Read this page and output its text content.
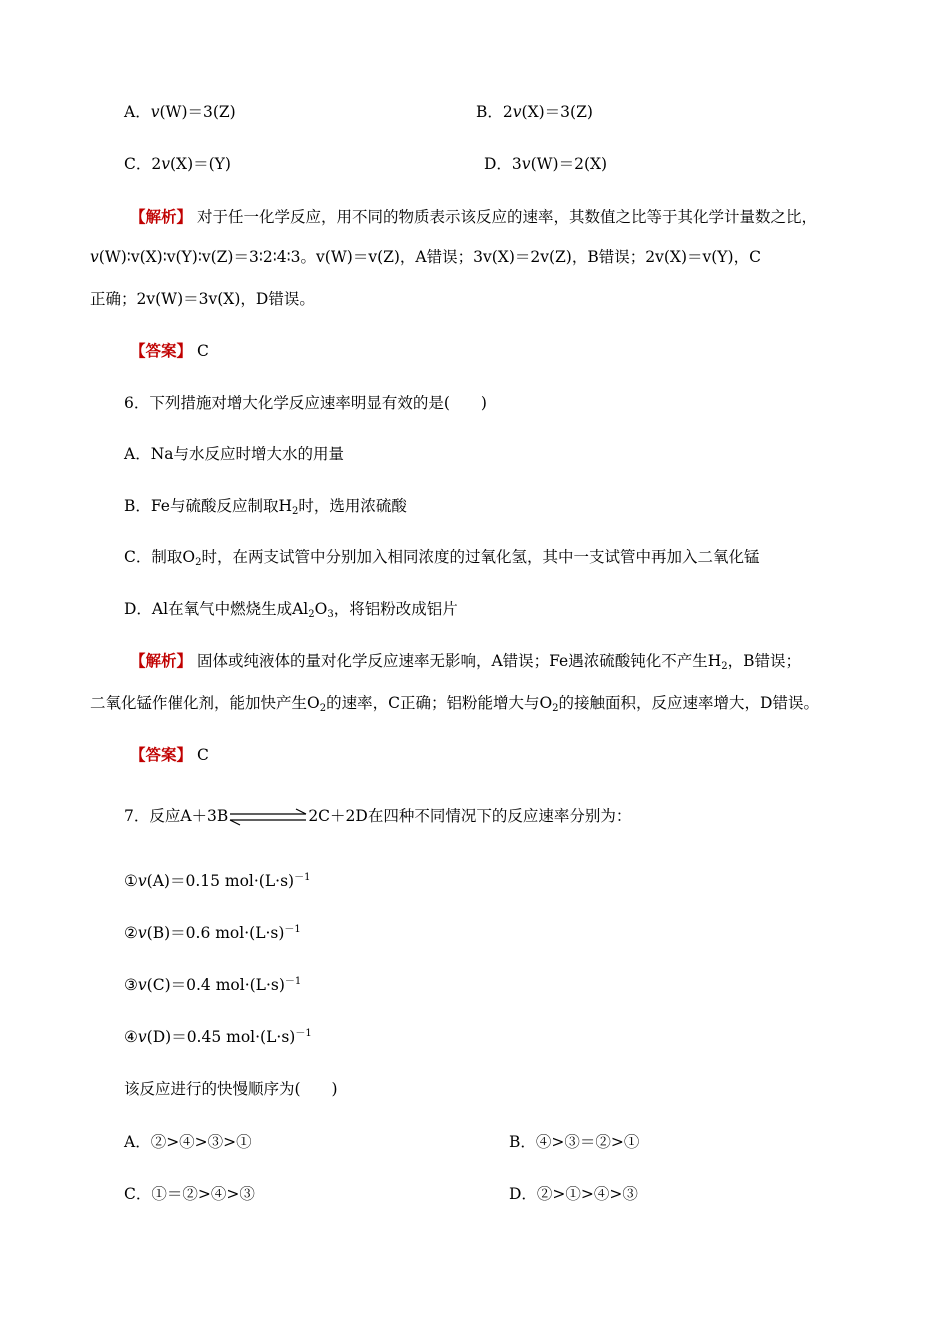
A．v(W)＝3(Z)	B．2v(X)＝3(Z)
C．2v(X)＝(Y)	D．3v(W)＝2(X)
【解析】 对于任一化学反应，用不同的物质表示该反应的速率，其数值之比等于其化学计量数之比，
v(W)∶v(X)∶v(Y)∶v(Z)＝3∶2∶4∶3。v(W)＝v(Z)，A错误；3v(X)＝2v(Z)，B错误；2v(X)＝v(Y)，C
正确；2v(W)＝3v(X)，D错误。
【答案】 C
6．下列措施对增大化学反应速率明显有效的是(　　)
A．Na与水反应时增大水的用量
B．Fe与硫酸反应制取$H_2$时，选用浓硫酸
C．制取$O_2$时，在两支试管中分别加入相同浓度的过氧化氢，其中一支试管中再加入二氧化锰
D．Al在氧气中燃烧生成$Al_2O_3$，将铝粉改成铝片
【解析】 固体或纯液体的量对化学反应速率无影响，A错误；Fe遇浓硫酸钝化不产生$H_2$，B错误；
二氧化锰作催化剂，能加快产生$O_2$的速率，C正确；铝粉能增大与$O_2$的接触面积，反应速率增大，D错误。
【答案】 C
7．反应A＋3B	2C＋2D在四种不同情况下的反应速率分别为：
①v(A)＝0.15 $mol\cdot(L\cdot s)^{-1}$
②v(B)＝0.6 $mol\cdot(L\cdot s)^{-1}$
③v(C)＝0.4 $mol\cdot(L\cdot s)^{-1}$
④v(D)＝0.45 $mol\cdot(L\cdot s)^{-1}$
该反应进行的快慢顺序为(　　)
A．②>④>③>①	B．④>③＝②>①
C．①＝②>④>③	D．②>①>④>③
